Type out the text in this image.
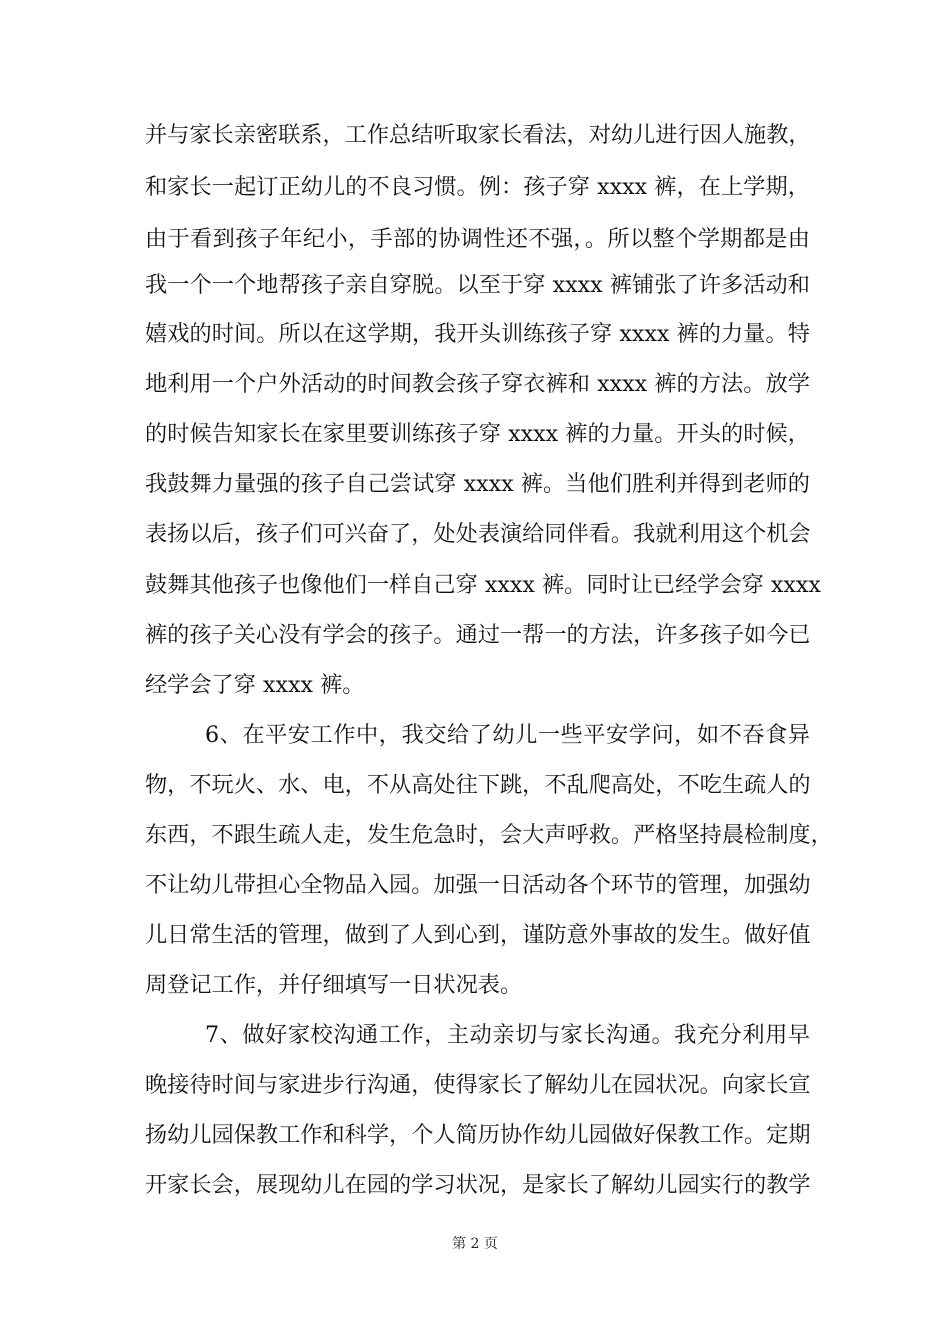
并与家长亲密联系，工作总结听取家长看法，对幼儿进行因人施教，
和家长一起订正幼儿的不良习惯。例：孩子穿 xxxx 裤，在上学期，
由于看到孩子年纪小，手部的协调性还不强，。所以整个学期都是由
我一个一个地帮孩子亲自穿脱。以至于穿 xxxx 裤铺张了许多活动和
嬉戏的时间。所以在这学期，我开头训练孩子穿 xxxx 裤的力量。特
地利用一个户外活动的时间教会孩子穿衣裤和 xxxx 裤的方法。放学
的时候告知家长在家里要训练孩子穿 xxxx 裤的力量。开头的时候，
我鼓舞力量强的孩子自己尝试穿 xxxx 裤。当他们胜利并得到老师的
表扬以后，孩子们可兴奋了，处处表演给同伴看。我就利用这个机会
鼓舞其他孩子也像他们一样自己穿 xxxx 裤。同时让已经学会穿 xxxx
裤的孩子关心没有学会的孩子。通过一帮一的方法，许多孩子如今已
经学会了穿 xxxx 裤。
6、在平安工作中，我交给了幼儿一些平安学问，如不吞食异
物，不玩火、水、电，不从高处往下跳，不乱爬高处，不吃生疏人的
东西，不跟生疏人走，发生危急时，会大声呼救。严格坚持晨检制度，
不让幼儿带担心全物品入园。加强一日活动各个环节的管理，加强幼
儿日常生活的管理，做到了人到心到，谨防意外事故的发生。做好值
周登记工作，并仔细填写一日状况表。
7、做好家校沟通工作，主动亲切与家长沟通。我充分利用早
晚接待时间与家进步行沟通，使得家长了解幼儿在园状况。向家长宣
扬幼儿园保教工作和科学，个人简历协作幼儿园做好保教工作。定期
开家长会，展现幼儿在园的学习状况，是家长了解幼儿园实行的教学
第 2 页
